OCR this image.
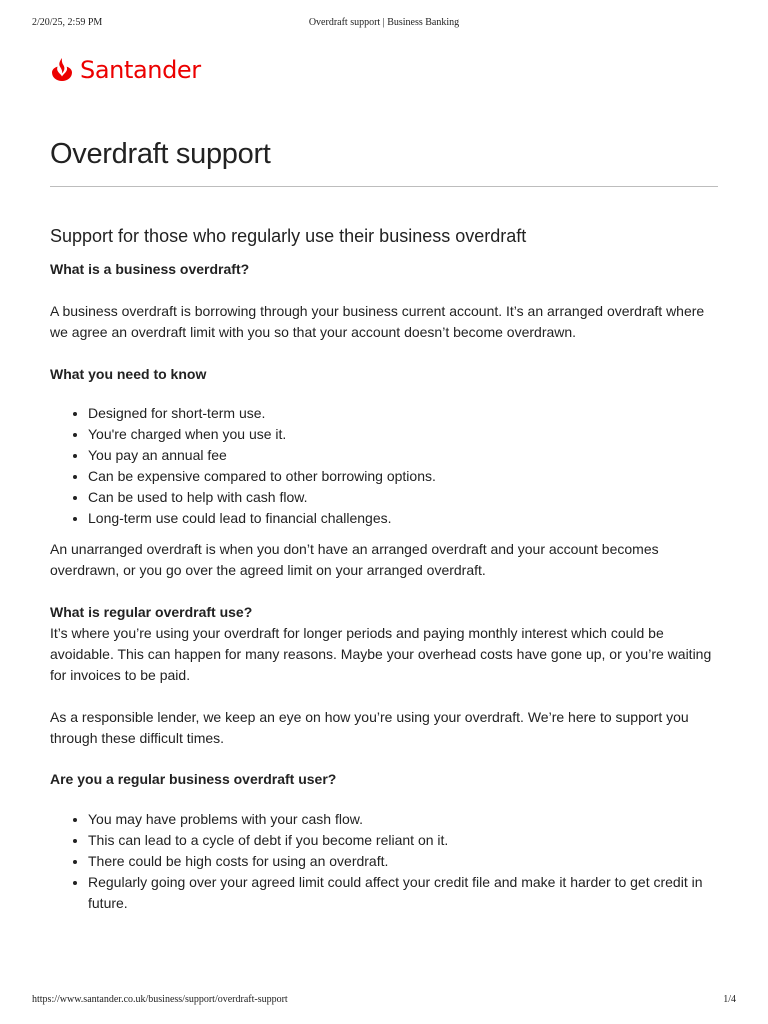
2/20/25, 2:59 PM	Overdraft support | Business Banking
Santander
Overdraft support
Support for those who regularly use their business overdraft
What is a business overdraft?

A business overdraft is borrowing through your business current account. It’s an arranged overdraft where we agree an overdraft limit with you so that your account doesn’t become overdrawn.

What you need to know
• Designed for short-term use.
• You're charged when you use it.
• You pay an annual fee
• Can be expensive compared to other borrowing options.
• Can be used to help with cash flow.
• Long-term use could lead to financial challenges.

An unarranged overdraft is when you don’t have an arranged overdraft and your account becomes overdrawn, or you go over the agreed limit on your arranged overdraft.

What is regular overdraft use?

It’s where you’re using your overdraft for longer periods and paying monthly interest which could be avoidable. This can happen for many reasons. Maybe your overhead costs have gone up, or you’re waiting for invoices to be paid.

As a responsible lender, we keep an eye on how you’re using your overdraft. We’re here to support you through these difficult times.

Are you a regular business overdraft user?
• You may have problems with your cash flow.
• This can lead to a cycle of debt if you become reliant on it.
• There could be high costs for using an overdraft.
• Regularly going over your agreed limit could affect your credit file and make it harder to get credit in future.
https://www.santander.co.uk/business/support/overdraft-support	1/4
